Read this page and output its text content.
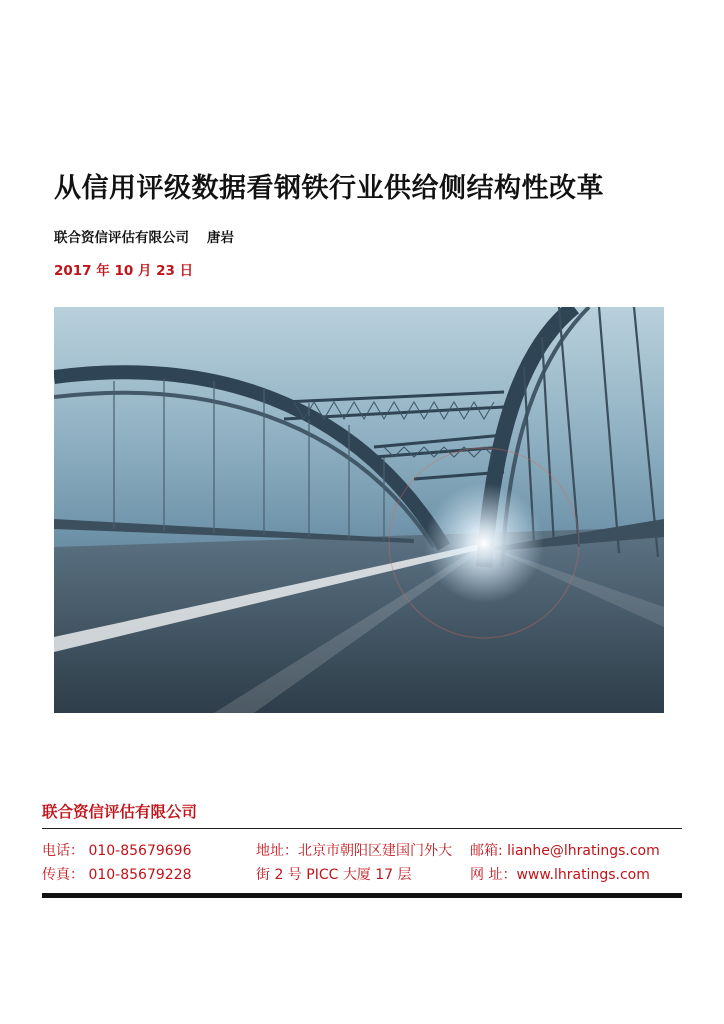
从信用评级数据看钢铁行业供给侧结构性改革
联合资信评估有限公司 唐岩
2017 年 10 月 23 日
联合资信评估有限公司
电话： 010-85679696
传真： 010-85679228
地址：北京市朝阳区建国门外大
街 2 号 PICC 大厦 17 层
邮箱: lianhe@lhratings.com
网 址：www.lhratings.com
